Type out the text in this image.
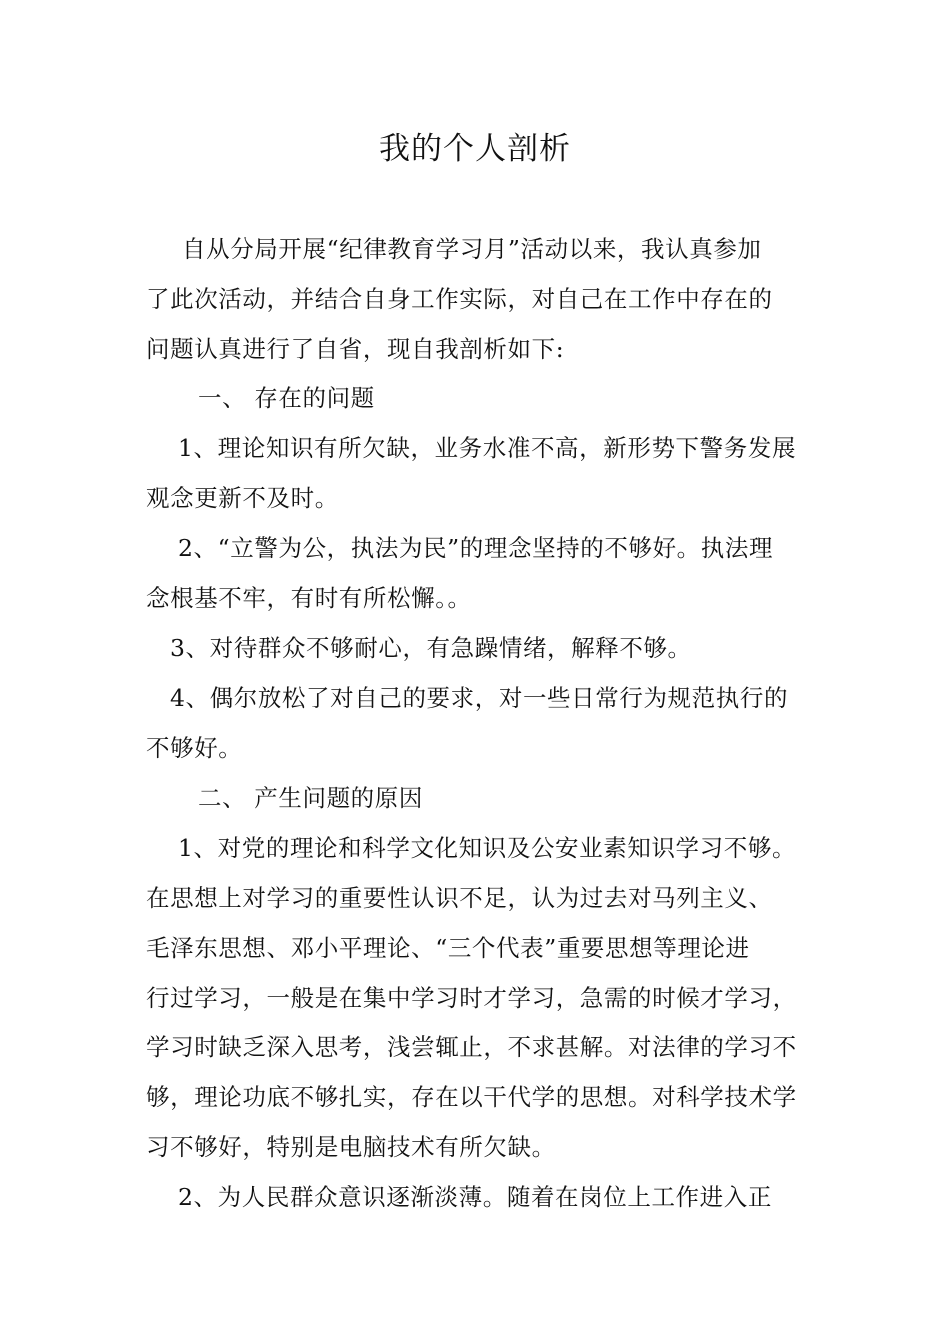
我的个人剖析
自从分局开展“纪律教育学习月”活动以来，我认真参加
了此次活动，并结合自身工作实际，对自己在工作中存在的
问题认真进行了自省，现自我剖析如下:
一、 存在的问题
1、理论知识有所欠缺，业务水准不高，新形势下警务发展
观念更新不及时。
2、“立警为公，执法为民”的理念坚持的不够好。执法理
念根基不牢，有时有所松懈。。
3、对待群众不够耐心，有急躁情绪，解释不够。
4、偶尔放松了对自己的要求，对一些日常行为规范执行的
不够好。
二、 产生问题的原因
1、对党的理论和科学文化知识及公安业素知识学习不够。
在思想上对学习的重要性认识不足，认为过去对马列主义、
毛泽东思想、邓小平理论、“三个代表”重要思想等理论进
行过学习，一般是在集中学习时才学习，急需的时候才学习，
学习时缺乏深入思考，浅尝辄止，不求甚解。对法律的学习不
够，理论功底不够扎实，存在以干代学的思想。对科学技术学
习不够好，特别是电脑技术有所欠缺。
2、为人民群众意识逐渐淡薄。随着在岗位上工作进入正
